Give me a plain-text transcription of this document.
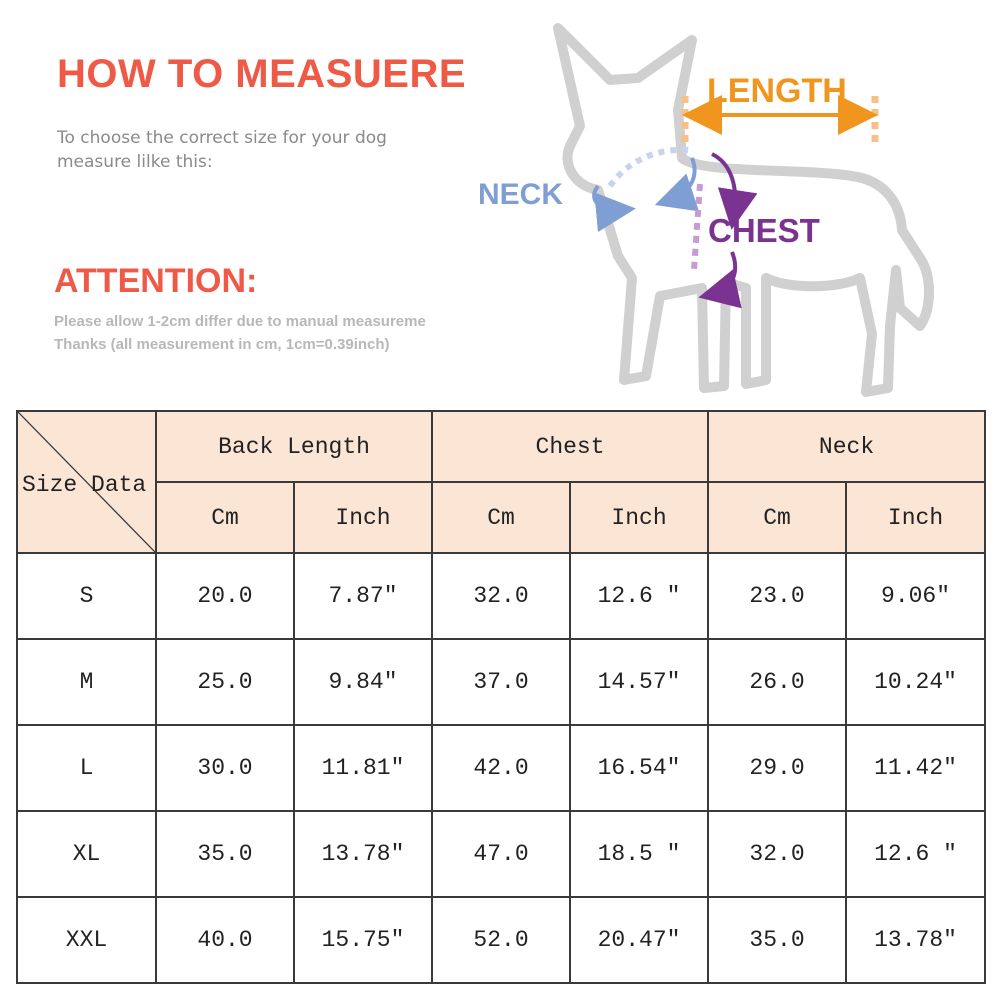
HOW TO MEASUERE
To choose the correct size for your dog
measure lilke this:
ATTENTION:
Please allow 1-2cm differ due to manual measureme
Thanks (all measurement in cm, 1cm=0.39inch)
LENGTH
NECK
CHEST
Size Data	Back Length		Chest		Neck	
	Cm	Inch	Cm	Inch	Cm	Inch
S	20.0	7.87″	32.0	12.6 ″	23.0	9.06″
M	25.0	9.84″	37.0	14.57″	26.0	10.24″
L	30.0	11.81″	42.0	16.54″	29.0	11.42″
XL	35.0	13.78″	47.0	18.5 ″	32.0	12.6 ″
XXL	40.0	15.75″	52.0	20.47″	35.0	13.78″
